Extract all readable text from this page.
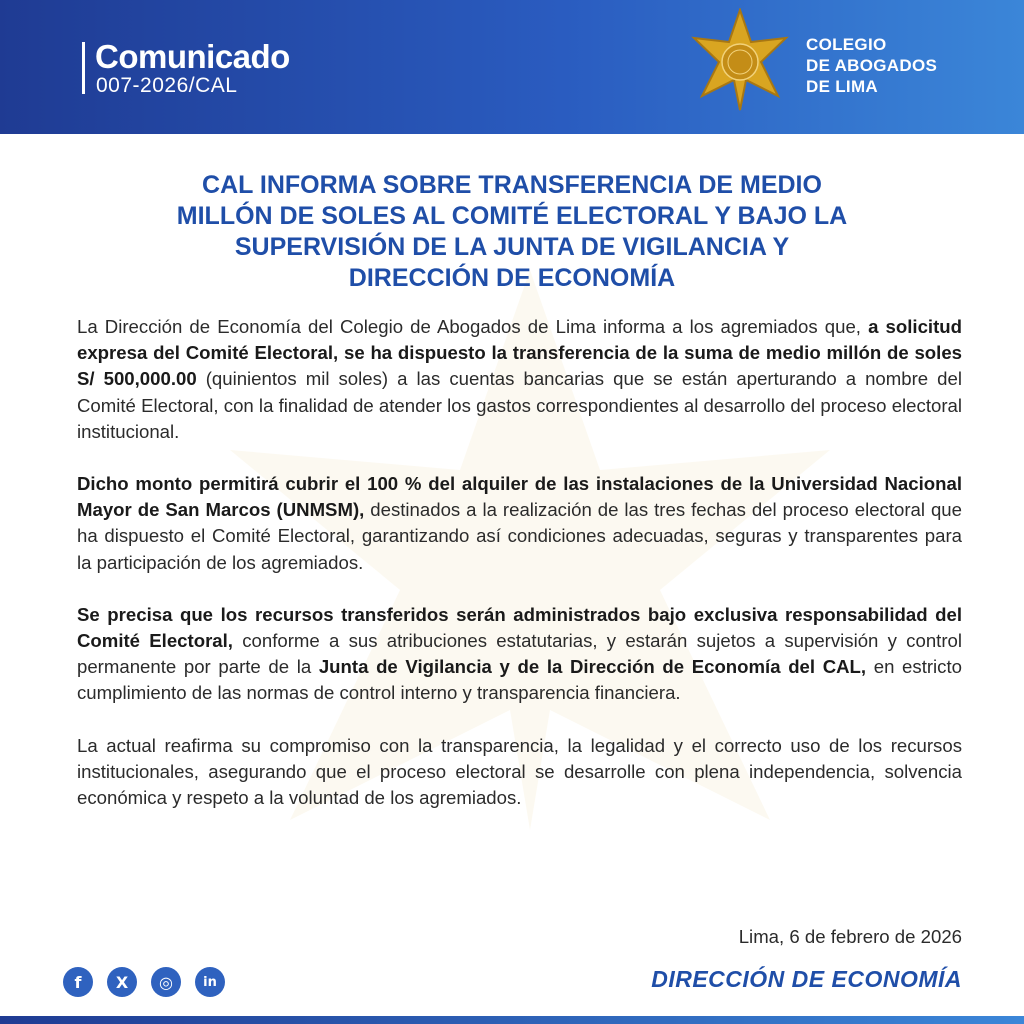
Comunicado
007-2026/CAL
COLEGIO
DE ABOGADOS
DE LIMA
CAL INFORMA SOBRE TRANSFERENCIA DE MEDIO
MILLÓN DE SOLES AL COMITÉ ELECTORAL Y BAJO LA
SUPERVISIÓN DE LA JUNTA DE VIGILANCIA Y
DIRECCIÓN DE ECONOMÍA

La Dirección de Economía del Colegio de Abogados de Lima informa a los agremiados que, a solicitud expresa del Comité Electoral, se ha dispuesto la transferencia de la suma de medio millón de soles S/ 500,000.00 (quinientos mil soles) a las cuentas bancarias que se están aperturando a nombre del Comité Electoral, con la finalidad de atender los gastos correspondientes al desarrollo del proceso electoral institucional.

Dicho monto permitirá cubrir el 100 % del alquiler de las instalaciones de la Universidad Nacional Mayor de San Marcos (UNMSM), destinados a la realización de las tres fechas del proceso electoral que ha dispuesto el Comité Electoral, garantizando así condiciones adecuadas, seguras y transparentes para la participación de los agremiados.

Se precisa que los recursos transferidos serán administrados bajo exclusiva responsabilidad del Comité Electoral, conforme a sus atribuciones estatutarias, y estarán sujetos a supervisión y control permanente por parte de la Junta de Vigilancia y de la Dirección de Economía del CAL, en estricto cumplimiento de las normas de control interno y transparencia financiera.

La actual reafirma su compromiso con la transparencia, la legalidad y el correcto uso de los recursos institucionales, asegurando que el proceso electoral se desarrolle con plena independencia, solvencia económica y respeto a la voluntad de los agremiados.

Lima, 6 de febrero de 2026
f	X	◎	in	DIRECCIÓN DE ECONOMÍA
